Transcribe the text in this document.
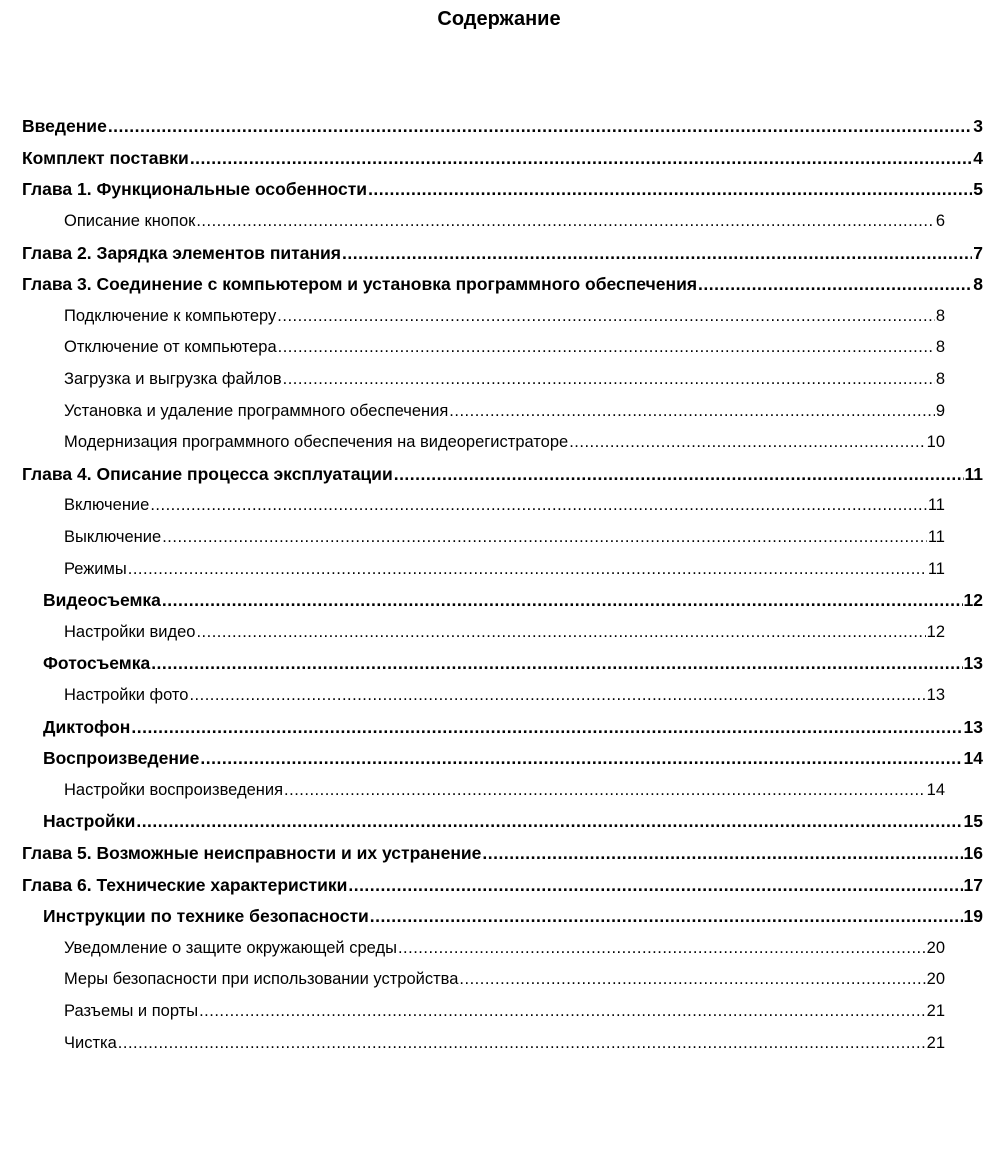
Содержание
Введение .....	3
Комплект поставки .....	4
Глава 1. Функциональные особенности .....	5
Описание кнопок .....	6
Глава 2. Зарядка элементов питания .....	7
Глава 3. Соединение с компьютером и установка программного обеспечения .....	8
Подключение к компьютеру .....	8
Отключение от компьютера .....	8
Загрузка и выгрузка файлов .....	8
Установка и удаление программного обеспечения .....	9
Модернизация программного обеспечения на видеорегистраторе .....	10
Глава 4. Описание процесса эксплуатации .....	11
Включение .....	11
Выключение .....	11
Режимы .....	11
Видеосъемка .....	12
Настройки видео .....	12
Фотосъемка .....	13
Настройки фото .....	13
Диктофон .....	13
Воспроизведение .....	14
Настройки воспроизведения .....	14
Настройки .....	15
Глава 5. Возможные неисправности и их устранение .....	16
Глава 6. Технические характеристики .....	17
Инструкции по технике безопасности .....	19
Уведомление о защите окружающей среды .....	20
Меры безопасности при использовании устройства .....	20
Разъемы и порты .....	21
Чистка .....	21
